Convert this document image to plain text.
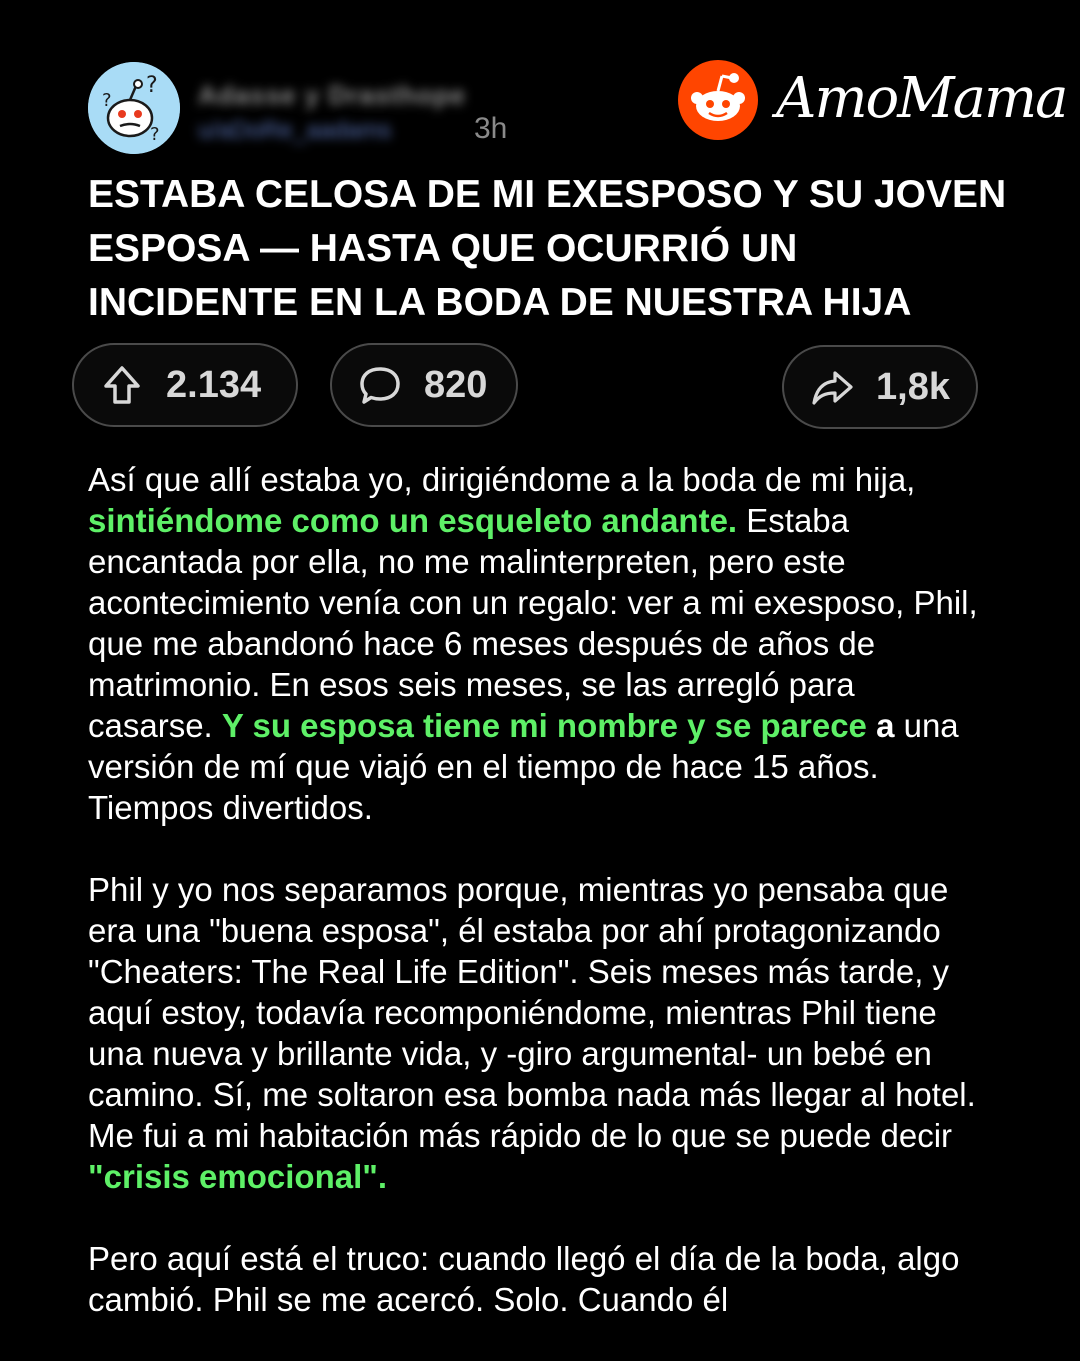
?
?
?
Adasse y Drasthope
u/aDoRe_aadams	3h	AmoMama
ESTABA CELOSA DE MI EXESPOSO Y SU JOVEN ESPOSA — HASTA QUE OCURRIÓ UN INCIDENTE EN LA BODA DE NUESTRA HIJA
2.134	820	1,8k

Así que allí estaba yo, dirigiéndome a la boda de mi hija, sintiéndome como un esqueleto andante. Estaba encantada por ella, no me malinterpreten, pero este acontecimiento venía con un regalo: ver a mi exesposo, Phil, que me abandonó hace 6 meses después de años de matrimonio. En esos seis meses, se las arregló para casarse. Y su esposa tiene mi nombre y se parece a una versión de mí que viajó en el tiempo de hace 15 años. Tiempos divertidos.

Phil y yo nos separamos porque, mientras yo pensaba que era una "buena esposa", él estaba por ahí protagonizando "Cheaters: The Real Life Edition". Seis meses más tarde, y aquí estoy, todavía recomponiéndome, mientras Phil tiene una nueva y brillante vida, y -giro argumental- un bebé en camino. Sí, me soltaron esa bomba nada más llegar al hotel. Me fui a mi habitación más rápido de lo que se puede decir "crisis emocional".

Pero aquí está el truco: cuando llegó el día de la boda, algo cambió. Phil se me acercó. Solo. Cuando él
